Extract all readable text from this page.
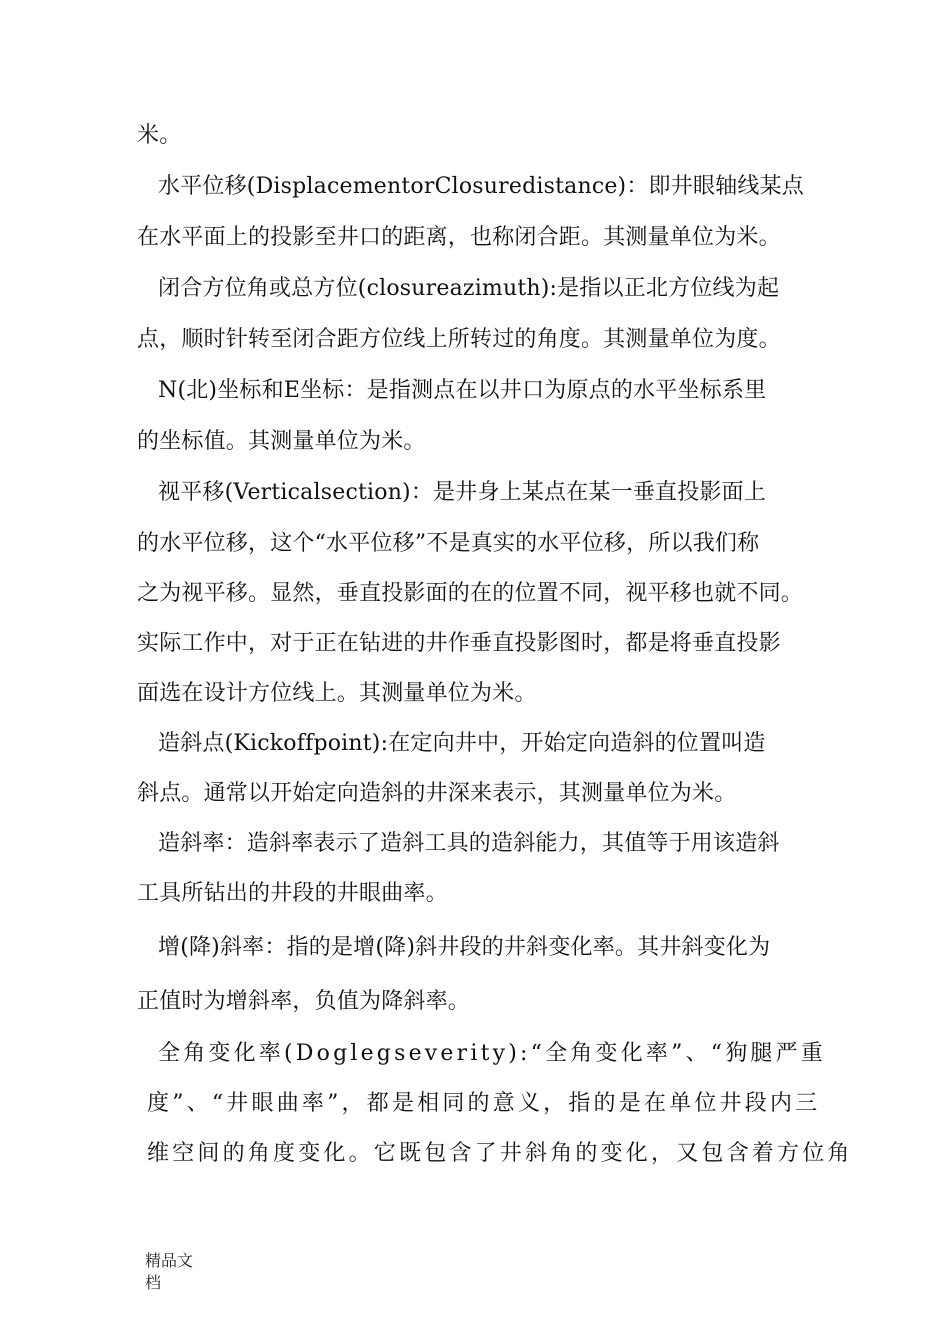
米。
水平位移(DisplacementorClosuredistance)：即井眼轴线某点
在水平面上的投影至井口的距离，也称闭合距。其测量单位为米。
闭合方位角或总方位(closureazimuth):是指以正北方位线为起
点，顺时针转至闭合距方位线上所转过的角度。其测量单位为度。
N(北)坐标和E坐标：是指测点在以井口为原点的水平坐标系里
的坐标值。其测量单位为米。
视平移(Verticalsection)：是井身上某点在某一垂直投影面上
的水平位移，这个“水平位移”不是真实的水平位移，所以我们称
之为视平移。显然，垂直投影面的在的位置不同，视平移也就不同。
实际工作中，对于正在钻进的井作垂直投影图时，都是将垂直投影
面选在设计方位线上。其测量单位为米。
造斜点(Kickoffpoint):在定向井中，开始定向造斜的位置叫造
斜点。通常以开始定向造斜的井深来表示，其测量单位为米。
造斜率：造斜率表示了造斜工具的造斜能力，其值等于用该造斜
工具所钻出的井段的井眼曲率。
增(降)斜率：指的是增(降)斜井段的井斜变化率。其井斜变化为
正值时为增斜率，负值为降斜率。
全角变化率(Doglegseverity):“全角变化率”、“狗腿严重
度”、“井眼曲率”，都是相同的意义，指的是在单位井段内三
维空间的角度变化。它既包含了井斜角的变化，又包含着方位角
精品文
档
